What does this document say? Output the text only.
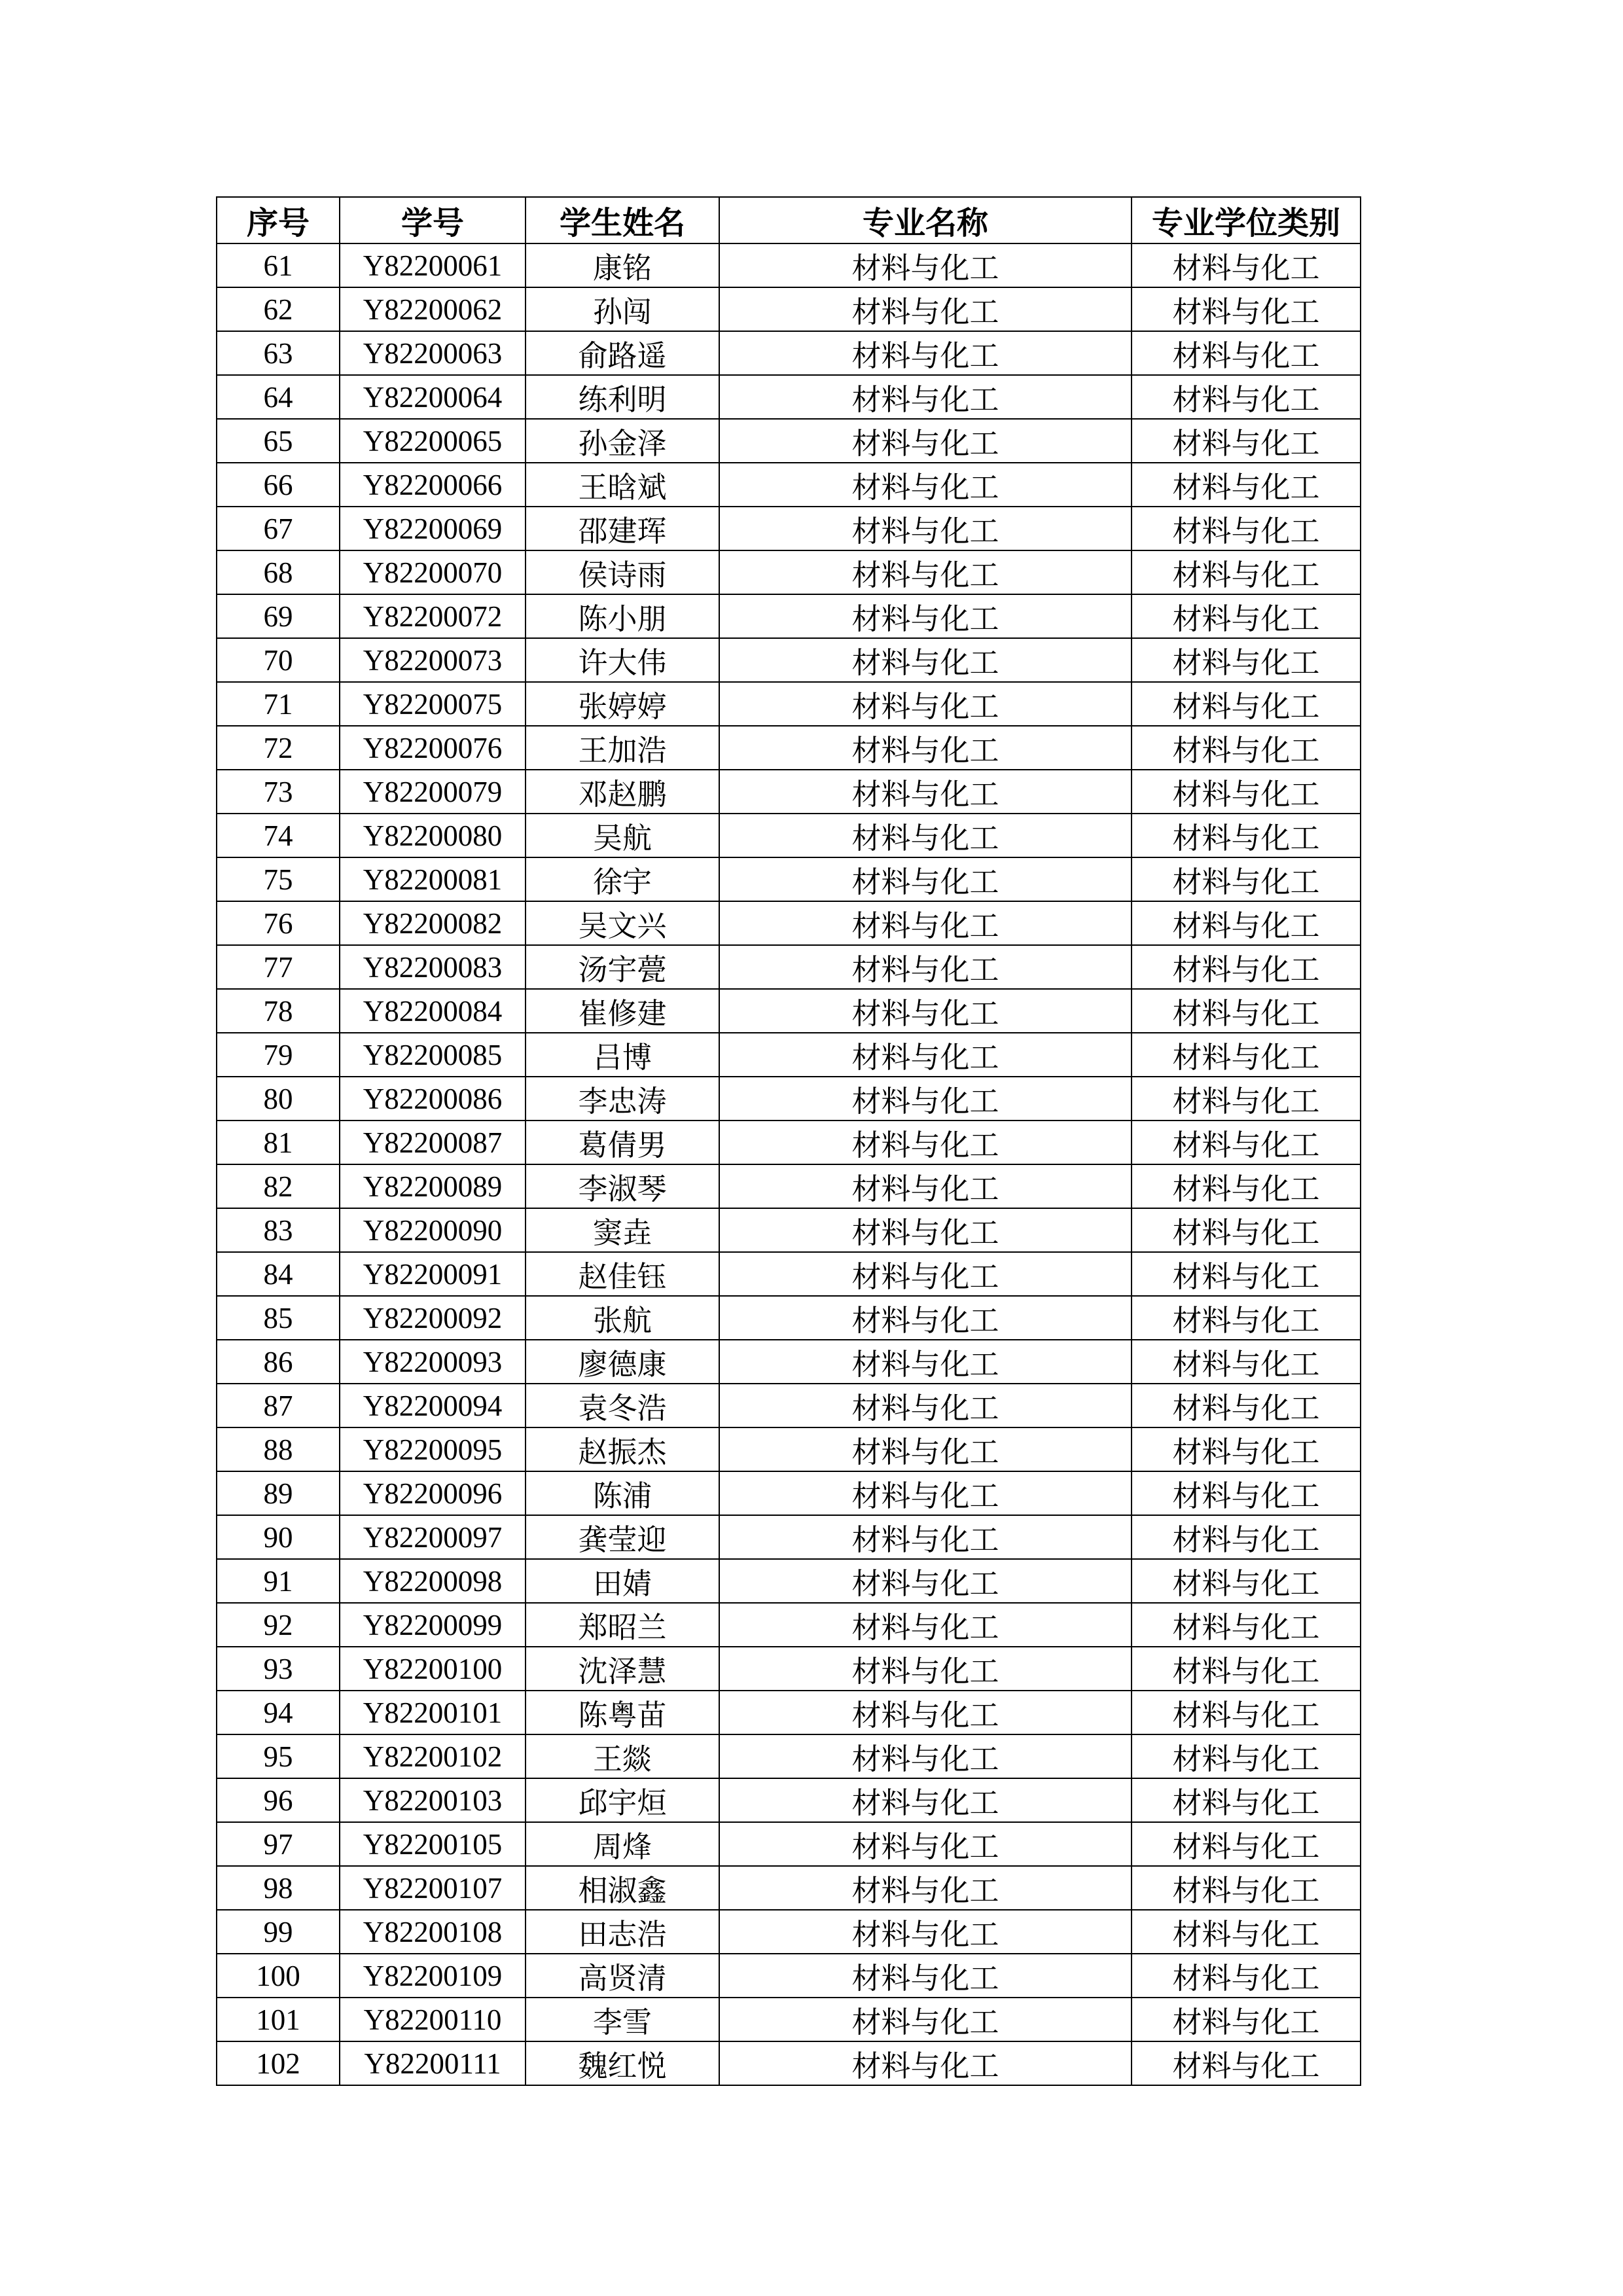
序号	学号	学生姓名	专业名称	专业学位类别
61	Y82200061	康铭	材料与化工	材料与化工
62	Y82200062	孙闯	材料与化工	材料与化工
63	Y82200063	俞路遥	材料与化工	材料与化工
64	Y82200064	练利明	材料与化工	材料与化工
65	Y82200065	孙金泽	材料与化工	材料与化工
66	Y82200066	王晗斌	材料与化工	材料与化工
67	Y82200069	邵建珲	材料与化工	材料与化工
68	Y82200070	侯诗雨	材料与化工	材料与化工
69	Y82200072	陈小朋	材料与化工	材料与化工
70	Y82200073	许大伟	材料与化工	材料与化工
71	Y82200075	张婷婷	材料与化工	材料与化工
72	Y82200076	王加浩	材料与化工	材料与化工
73	Y82200079	邓赵鹏	材料与化工	材料与化工
74	Y82200080	吴航	材料与化工	材料与化工
75	Y82200081	徐宇	材料与化工	材料与化工
76	Y82200082	吴文兴	材料与化工	材料与化工
77	Y82200083	汤宇甍	材料与化工	材料与化工
78	Y82200084	崔修建	材料与化工	材料与化工
79	Y82200085	吕博	材料与化工	材料与化工
80	Y82200086	李忠涛	材料与化工	材料与化工
81	Y82200087	葛倩男	材料与化工	材料与化工
82	Y82200089	李淑琴	材料与化工	材料与化工
83	Y82200090	窦垚	材料与化工	材料与化工
84	Y82200091	赵佳钰	材料与化工	材料与化工
85	Y82200092	张航	材料与化工	材料与化工
86	Y82200093	廖德康	材料与化工	材料与化工
87	Y82200094	袁冬浩	材料与化工	材料与化工
88	Y82200095	赵振杰	材料与化工	材料与化工
89	Y82200096	陈浦	材料与化工	材料与化工
90	Y82200097	龚莹迎	材料与化工	材料与化工
91	Y82200098	田婧	材料与化工	材料与化工
92	Y82200099	郑昭兰	材料与化工	材料与化工
93	Y82200100	沈泽慧	材料与化工	材料与化工
94	Y82200101	陈粤苗	材料与化工	材料与化工
95	Y82200102	王燚	材料与化工	材料与化工
96	Y82200103	邱宇烜	材料与化工	材料与化工
97	Y82200105	周烽	材料与化工	材料与化工
98	Y82200107	相淑鑫	材料与化工	材料与化工
99	Y82200108	田志浩	材料与化工	材料与化工
100	Y82200109	高贤清	材料与化工	材料与化工
101	Y82200110	李雪	材料与化工	材料与化工
102	Y82200111	魏红悦	材料与化工	材料与化工
